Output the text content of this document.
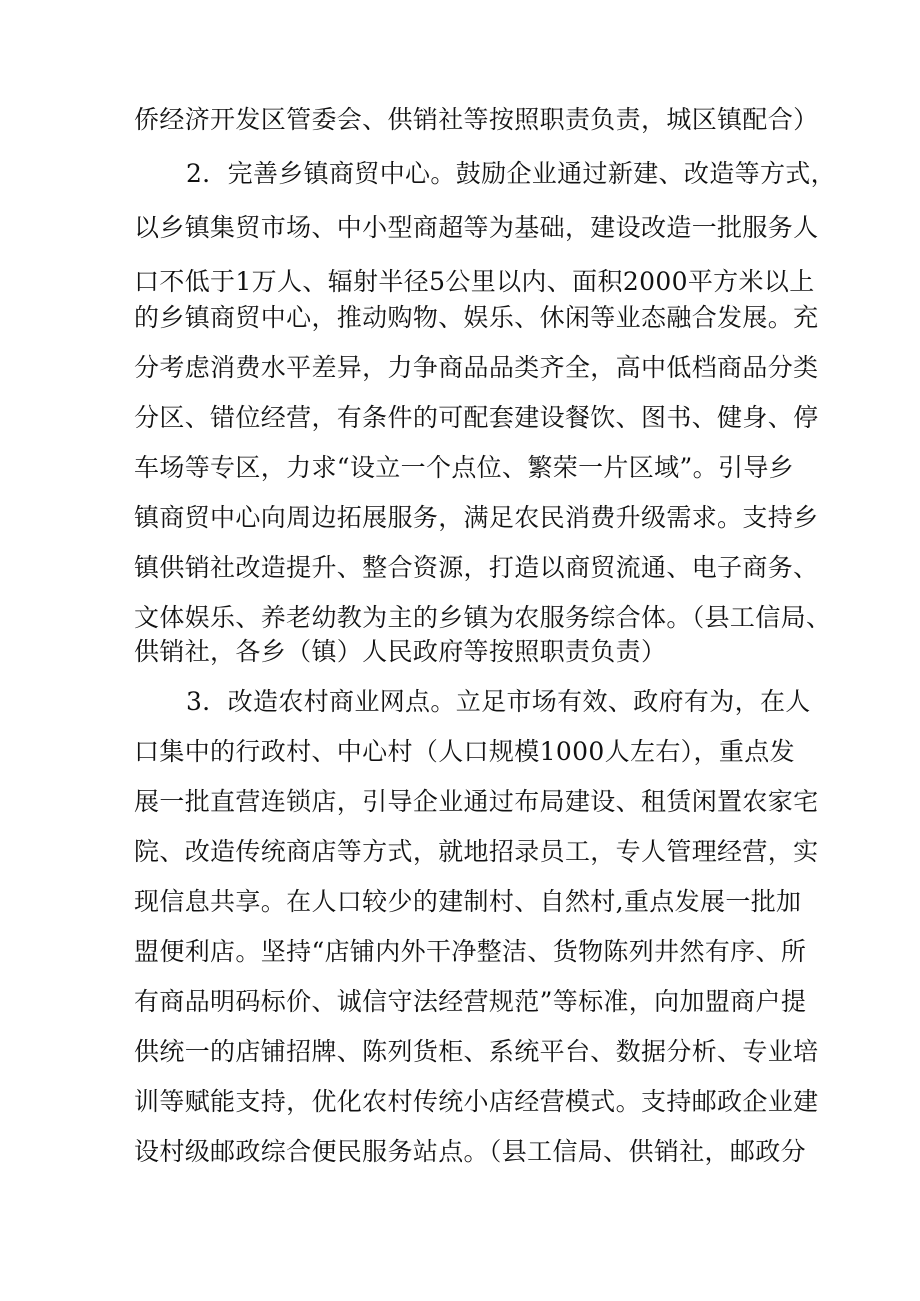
侨经济开发区管委会、供销社等按照职责负责，城区镇配合）
2．完善乡镇商贸中心。鼓励企业通过新建、改造等方式，
以乡镇集贸市场、中小型商超等为基础，建设改造一批服务人
口不低于1万人、辐射半径5公里以内、面积2000平方米以上
的乡镇商贸中心，推动购物、娱乐、休闲等业态融合发展。充
分考虑消费水平差异，力争商品品类齐全，高中低档商品分类
分区、错位经营，有条件的可配套建设餐饮、图书、健身、停
车场等专区，力求“设立一个点位、繁荣一片区域”。引导乡
镇商贸中心向周边拓展服务，满足农民消费升级需求。支持乡
镇供销社改造提升、整合资源，打造以商贸流通、电子商务、
文体娱乐、养老幼教为主的乡镇为农服务综合体。（县工信局、
供销社，各乡（镇）人民政府等按照职责负责）
3．改造农村商业网点。立足市场有效、政府有为，在人
口集中的行政村、中心村（人口规模1000人左右），重点发
展一批直营连锁店，引导企业通过布局建设、租赁闲置农家宅
院、改造传统商店等方式，就地招录员工，专人管理经营，实
现信息共享。在人口较少的建制村、自然村,重点发展一批加
盟便利店。坚持“店铺内外干净整洁、货物陈列井然有序、所
有商品明码标价、诚信守法经营规范”等标准，向加盟商户提
供统一的店铺招牌、陈列货柜、系统平台、数据分析、专业培
训等赋能支持，优化农村传统小店经营模式。支持邮政企业建
设村级邮政综合便民服务站点。（县工信局、供销社，邮政分
